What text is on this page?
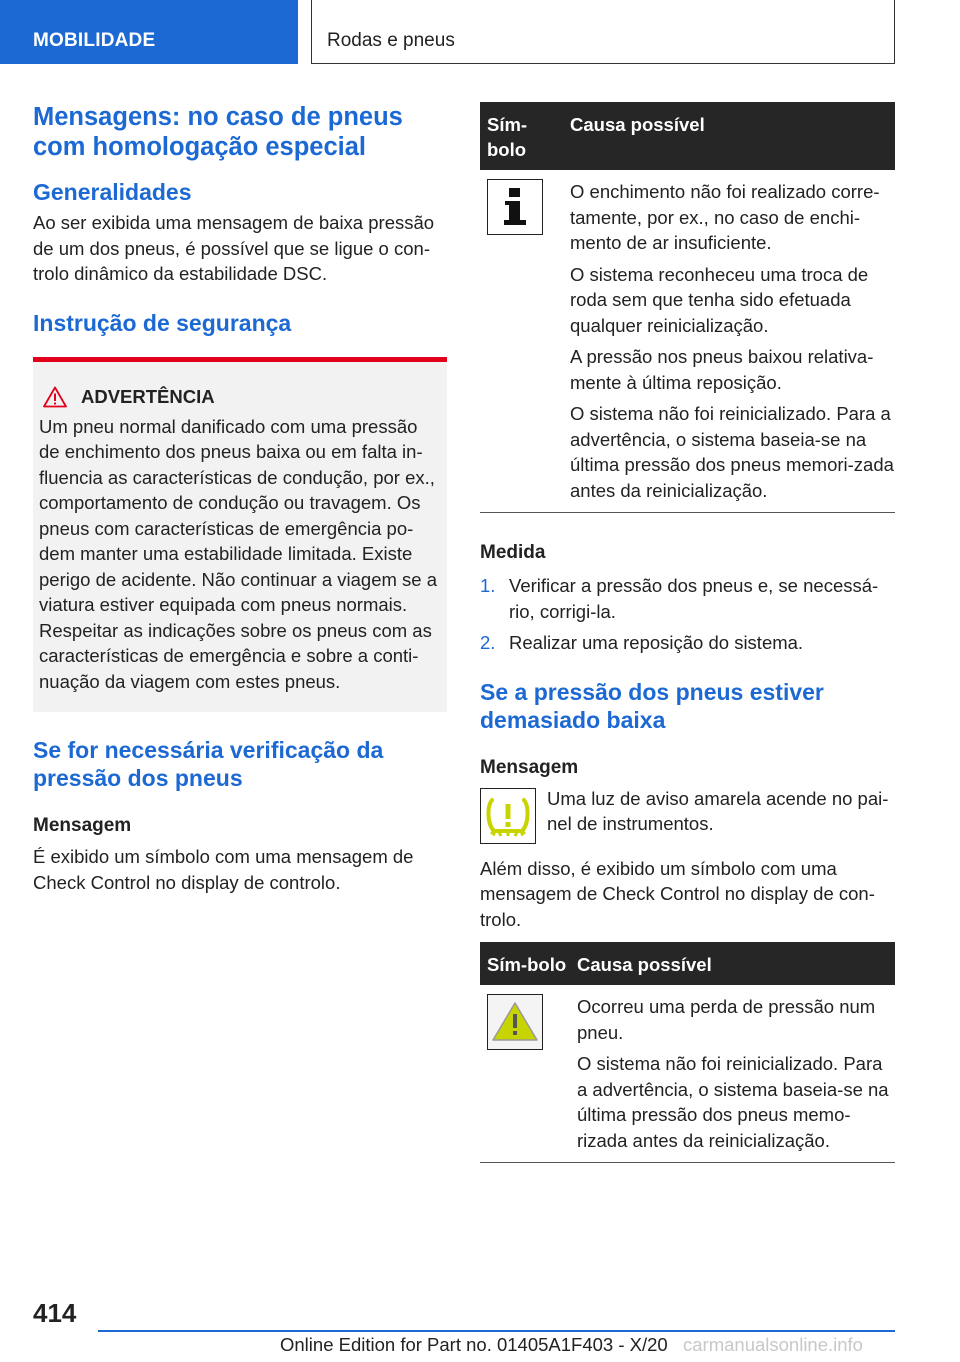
MOBILIDADE	Rodas e pneus
Mensagens: no caso de pneus com homologação especial
Generalidades
Ao ser exibida uma mensagem de baixa pressão de um dos pneus, é possível que se ligue o con-trolo dinâmico da estabilidade DSC.
Instrução de segurança
ADVERTÊNCIA
Um pneu normal danificado com uma pressão de enchimento dos pneus baixa ou em falta in-fluencia as características de condução, por ex., comportamento de condução ou travagem. Os pneus com características de emergência po-dem manter uma estabilidade limitada. Existe perigo de acidente. Não continuar a viagem se a viatura estiver equipada com pneus normais. Respeitar as indicações sobre os pneus com as características de emergência e sobre a conti-nuação da viagem com estes pneus.
Se for necessária verificação da pressão dos pneus
Mensagem
É exibido um símbolo com uma mensagem de Check Control no display de controlo.
Sím-bolo	Causa possível

O enchimento não foi realizado corre-tamente, por ex., no caso de enchi-mento de ar insuficiente.
O sistema reconheceu uma troca de roda sem que tenha sido efetuada qualquer reinicialização.
A pressão nos pneus baixou relativa-mente à última reposição.
O sistema não foi reinicializado. Para a advertência, o sistema baseia-se na última pressão dos pneus memori-zada antes da reinicialização.
Medida
1. Verificar a pressão dos pneus e, se necessá-rio, corrigi-la.
2. Realizar uma reposição do sistema.
Se a pressão dos pneus estiver demasiado baixa
Mensagem
Uma luz de aviso amarela acende no pai-nel de instrumentos.
Além disso, é exibido um símbolo com uma mensagem de Check Control no display de con-trolo.
Sím-bolo	Causa possível

Ocorreu uma perda de pressão num pneu.
O sistema não foi reinicializado. Para a advertência, o sistema baseia-se na última pressão dos pneus memo-rizada antes da reinicialização.
414
Online Edition for Part no. 01405A1F403 - X/20 carmanualsonline.info
